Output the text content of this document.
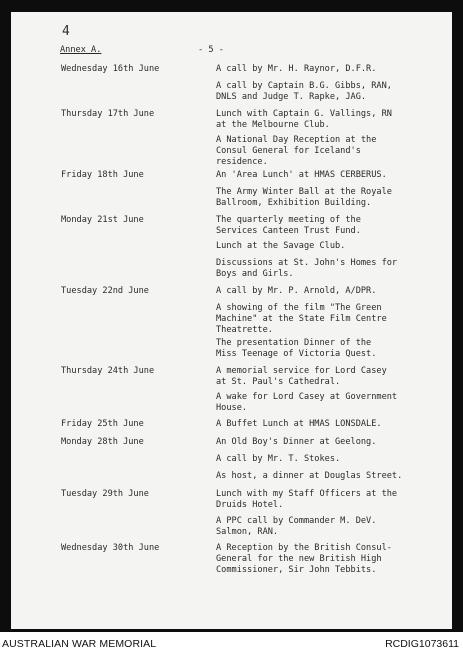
4
Annex A.	- 5 -
Wednesday 16th June	A call by Mr. H. Raynor, D.F.R.
A call by Captain B.G. Gibbs, RAN,
DNLS and Judge T. Rapke, JAG.
Thursday 17th June	Lunch with Captain G. Vallings, RN
at the Melbourne Club.
A National Day Reception at the
Consul General for Iceland's
residence.
Friday 18th June	An 'Area Lunch' at HMAS CERBERUS.
The Army Winter Ball at the Royale
Ballroom, Exhibition Building.
Monday 21st June	The quarterly meeting of the
Services Canteen Trust Fund.
Lunch at the Savage Club.
Discussions at St. John's Homes for
Boys and Girls.
Tuesday 22nd June	A call by Mr. P. Arnold, A/DPR.
A showing of the film "The Green
Machine" at the State Film Centre
Theatrette.
The presentation Dinner of the
Miss Teenage of Victoria Quest.
Thursday 24th June	A memorial service for Lord Casey
at St. Paul's Cathedral.
A wake for Lord Casey at Government
House.
Friday 25th June	A Buffet Lunch at HMAS LONSDALE.
Monday 28th June	An Old Boy's Dinner at Geelong.
A call by Mr. T. Stokes.
As host, a dinner at Douglas Street.
Tuesday 29th June	Lunch with my Staff Officers at the
Druids Hotel.
A PPC call by Commander M. DeV.
Salmon, RAN.
Wednesday 30th June	A Reception by the British Consul-
General for the new British High
Commissioner, Sir John Tebbits.
AUSTRALIAN WAR MEMORIAL	RCDIG1073611
